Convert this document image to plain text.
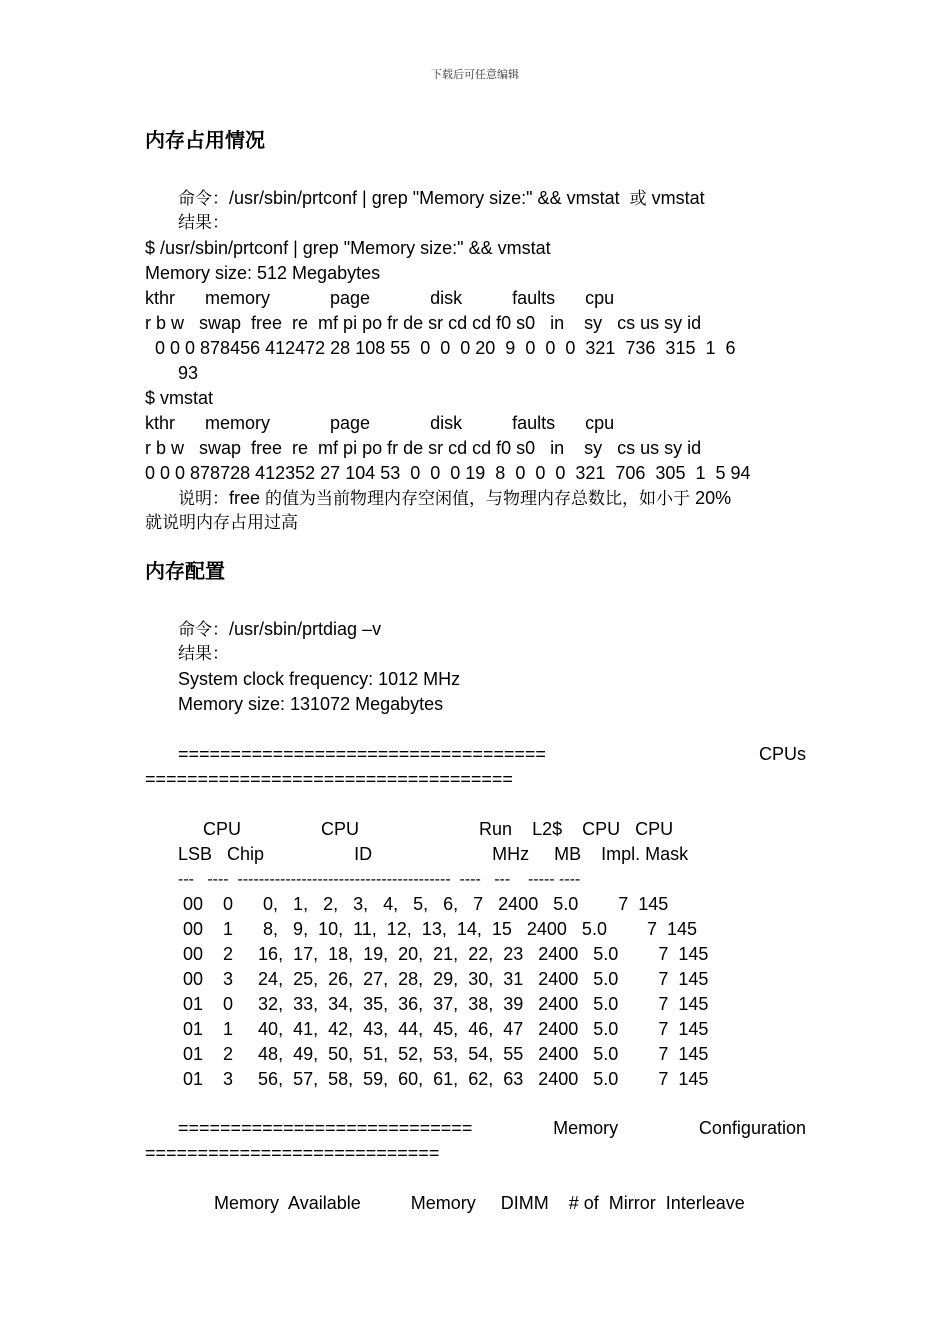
下载后可任意编辑
内存占用情况
命令：/usr/sbin/prtconf | grep "Memory size:" && vmstat 或 vmstat
结果：
$ /usr/sbin/prtconf | grep "Memory size:" && vmstat
Memory size: 512 Megabytes
kthr      memory            page            disk          faults      cpu
r b w   swap  free  re  mf pi po fr de sr cd cd f0 s0   in    sy   cs us sy id
0 0 0 878456 412472 28 108 55  0  0  0 20  9  0  0  0  321  736  315  1  6
93
$ vmstat
kthr      memory            page            disk          faults      cpu
r b w   swap  free  re  mf pi po fr de sr cd cd f0 s0   in    sy   cs us sy id
0 0 0 878728 412352 27 104 53  0  0  0 19  8  0  0  0  321  706  305  1  5 94
说明：free 的值为当前物理内存空闲值，与物理内存总数比，如小于 20%
就说明内存占用过高
内存配置
命令：/usr/sbin/prtdiag –v
结果：
System clock frequency: 1012 MHz
Memory size: 131072 Megabytes
===================================	CPUs
===================================
CPU                CPU                        Run    L2$    CPU   CPU
LSB   Chip                  ID                        MHz     MB    Impl. Mask
---   ----  ----------------------------------------  ----   ---    ----- ----
00    0      0,   1,   2,   3,   4,   5,   6,   7   2400   5.0        7  145
00    1      8,   9,  10,  11,  12,  13,  14,  15   2400   5.0        7  145
00    2     16,  17,  18,  19,  20,  21,  22,  23   2400   5.0        7  145
00    3     24,  25,  26,  27,  28,  29,  30,  31   2400   5.0        7  145
01    0     32,  33,  34,  35,  36,  37,  38,  39   2400   5.0        7  145
01    1     40,  41,  42,  43,  44,  45,  46,  47   2400   5.0        7  145
01    2     48,  49,  50,  51,  52,  53,  54,  55   2400   5.0        7  145
01    3     56,  57,  58,  59,  60,  61,  62,  63   2400   5.0        7  145
============================	Memory	Configuration
============================
Memory  Available          Memory     DIMM    # of  Mirror  Interleave
